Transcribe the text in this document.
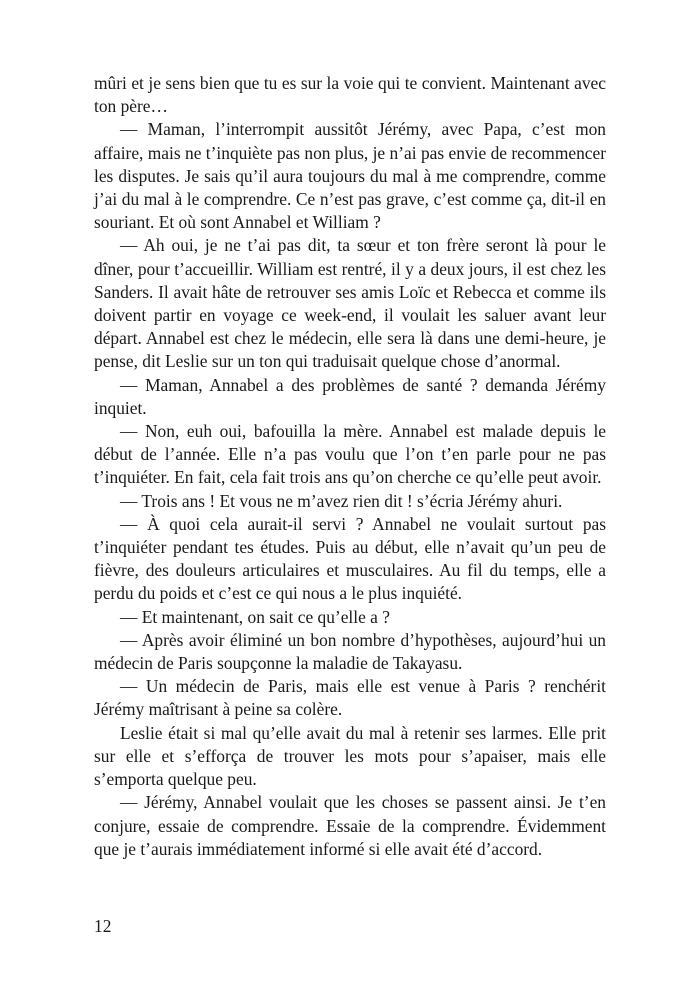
mûri et je sens bien que tu es sur la voie qui te convient. Maintenant avec ton père…

— Maman, l’interrompit aussitôt Jérémy, avec Papa, c’est mon affaire, mais ne t’inquiète pas non plus, je n’ai pas envie de recommencer les disputes. Je sais qu’il aura toujours du mal à me comprendre, comme j’ai du mal à le comprendre. Ce n’est pas grave, c’est comme ça, dit-il en souriant. Et où sont Annabel et William ?

— Ah oui, je ne t’ai pas dit, ta sœur et ton frère seront là pour le dîner, pour t’accueillir. William est rentré, il y a deux jours, il est chez les Sanders. Il avait hâte de retrouver ses amis Loïc et Rebecca et comme ils doivent partir en voyage ce week-end, il voulait les saluer avant leur départ. Annabel est chez le médecin, elle sera là dans une demi-heure, je pense, dit Leslie sur un ton qui traduisait quelque chose d’anormal.

— Maman, Annabel a des problèmes de santé ? demanda Jérémy inquiet.

— Non, euh oui, bafouilla la mère. Annabel est malade depuis le début de l’année. Elle n’a pas voulu que l’on t’en parle pour ne pas t’inquiéter. En fait, cela fait trois ans qu’on cherche ce qu’elle peut avoir.

— Trois ans ! Et vous ne m’avez rien dit ! s’écria Jérémy ahuri.

— À quoi cela aurait-il servi ? Annabel ne voulait surtout pas t’inquiéter pendant tes études. Puis au début, elle n’avait qu’un peu de fièvre, des douleurs articulaires et musculaires. Au fil du temps, elle a perdu du poids et c’est ce qui nous a le plus inquiété.

— Et maintenant, on sait ce qu’elle a ?

— Après avoir éliminé un bon nombre d’hypothèses, aujourd’hui un médecin de Paris soupçonne la maladie de Takayasu.

— Un médecin de Paris, mais elle est venue à Paris ? renchérit Jérémy maîtrisant à peine sa colère.

Leslie était si mal qu’elle avait du mal à retenir ses larmes. Elle prit sur elle et s’efforça de trouver les mots pour s’apaiser, mais elle s’emporta quelque peu.

— Jérémy, Annabel voulait que les choses se passent ainsi. Je t’en conjure, essaie de comprendre. Essaie de la comprendre. Évidemment que je t’aurais immédiatement informé si elle avait été d’accord.

12
